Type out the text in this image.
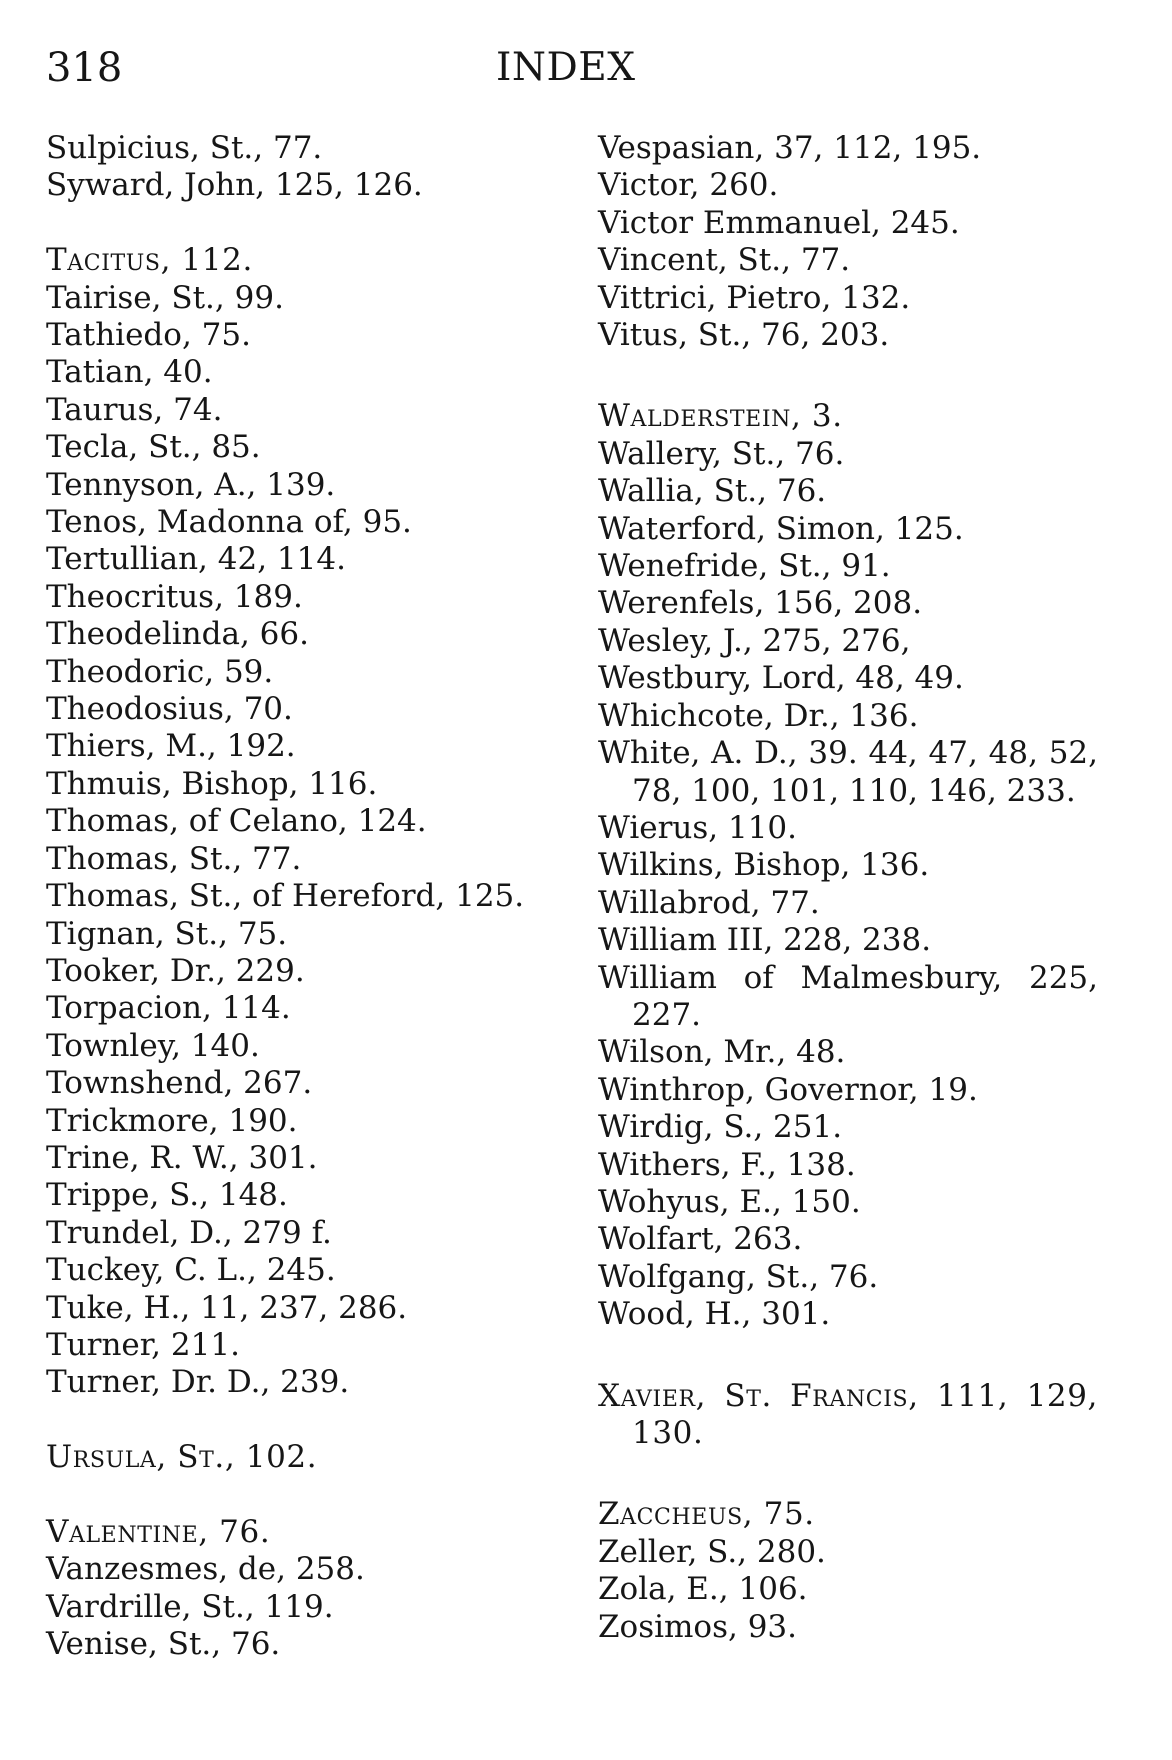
318	INDEX
Sulpicius, St., 77.
Syward, John, 125, 126.
Tacitus, 112.
Tairise, St., 99.
Tathiedo, 75.
Tatian, 40.
Taurus, 74.
Tecla, St., 85.
Tennyson, A., 139.
Tenos, Madonna of, 95.
Tertullian, 42, 114.
Theocritus, 189.
Theodelinda, 66.
Theodoric, 59.
Theodosius, 70.
Thiers, M., 192.
Thmuis, Bishop, 116.
Thomas, of Celano, 124.
Thomas, St., 77.
Thomas, St., of Hereford, 125.
Tignan, St., 75.
Tooker, Dr., 229.
Torpacion, 114.
Townley, 140.
Townshend, 267.
Trickmore, 190.
Trine, R. W., 301.
Trippe, S., 148.
Trundel, D., 279 f.
Tuckey, C. L., 245.
Tuke, H., 11, 237, 286.
Turner, 211.
Turner, Dr. D., 239.
Ursula, St., 102.
Valentine, 76.
Vanzesmes, de, 258.
Vardrille, St., 119.
Venise, St., 76.
Vespasian, 37, 112, 195.
Victor, 260.
Victor Emmanuel, 245.
Vincent, St., 77.
Vittrici, Pietro, 132.
Vitus, St., 76, 203.
Walderstein, 3.
Wallery, St., 76.
Wallia, St., 76.
Waterford, Simon, 125.
Wenefride, St., 91.
Werenfels, 156, 208.
Wesley, J., 275, 276,
Westbury, Lord, 48, 49.
Whichcote, Dr., 136.
White, A. D., 39. 44, 47, 48, 52, 78, 100, 101, 110, 146, 233.
Wierus, 110.
Wilkins, Bishop, 136.
Willabrod, 77.
William III, 228, 238.
William of Malmesbury, 225, 227.
Wilson, Mr., 48.
Winthrop, Governor, 19.
Wirdig, S., 251.
Withers, F., 138.
Wohyus, E., 150.
Wolfart, 263.
Wolfgang, St., 76.
Wood, H., 301.
Xavier, St. Francis, 111, 129, 130.
Zaccheus, 75.
Zeller, S., 280.
Zola, E., 106.
Zosimos, 93.
